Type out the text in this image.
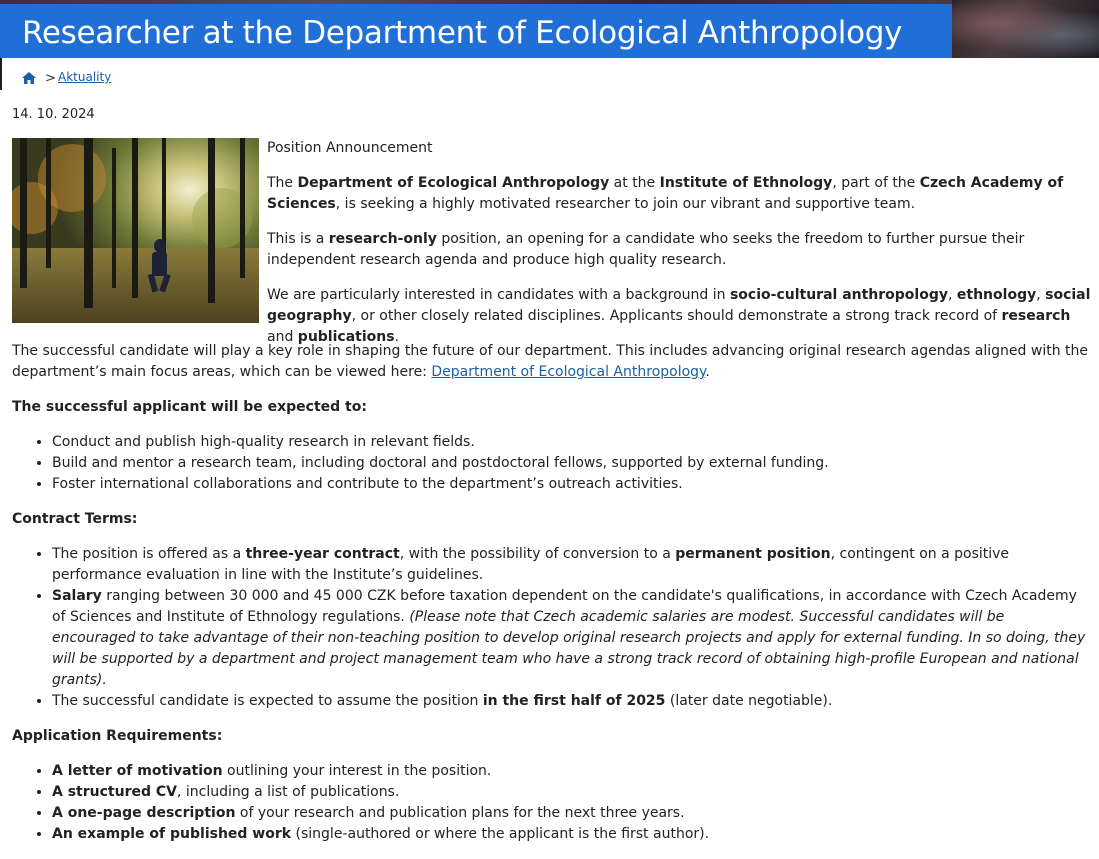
Researcher at the Department of Ecological Anthropology
> Aktuality
14. 10. 2024

Position Announcement

The Department of Ecological Anthropology at the Institute of Ethnology, part of the Czech Academy of Sciences, is seeking a highly motivated researcher to join our vibrant and supportive team.

This is a research-only position, an opening for a candidate who seeks the freedom to further pursue their independent research agenda and produce high quality research.

We are particularly interested in candidates with a background in socio-cultural anthropology, ethnology, social geography, or other closely related disciplines. Applicants should demonstrate a strong track record of research and publications.

The successful candidate will play a key role in shaping the future of our department. This includes advancing original research agendas aligned with the department’s main focus areas, which can be viewed here: Department of Ecological Anthropology.

The successful applicant will be expected to:
• Conduct and publish high-quality research in relevant fields.
• Build and mentor a research team, including doctoral and postdoctoral fellows, supported by external funding.
• Foster international collaborations and contribute to the department’s outreach activities.
Contract Terms:
• The position is offered as a three-year contract, with the possibility of conversion to a permanent position, contingent on a positive performance evaluation in line with the Institute’s guidelines.
• Salary ranging between 30 000 and 45 000 CZK before taxation dependent on the candidate's qualifications, in accordance with Czech Academy of Sciences and Institute of Ethnology regulations. (Please note that Czech academic salaries are modest. Successful candidates will be encouraged to take advantage of their non-teaching position to develop original research projects and apply for external funding. In so doing, they will be supported by a department and project management team who have a strong track record of obtaining high-profile European and national grants).
• The successful candidate is expected to assume the position in the first half of 2025 (later date negotiable).
Application Requirements:
• A letter of motivation outlining your interest in the position.
• A structured CV, including a list of publications.
• A one-page description of your research and publication plans for the next three years.
• An example of published work (single-authored or where the applicant is the first author).
